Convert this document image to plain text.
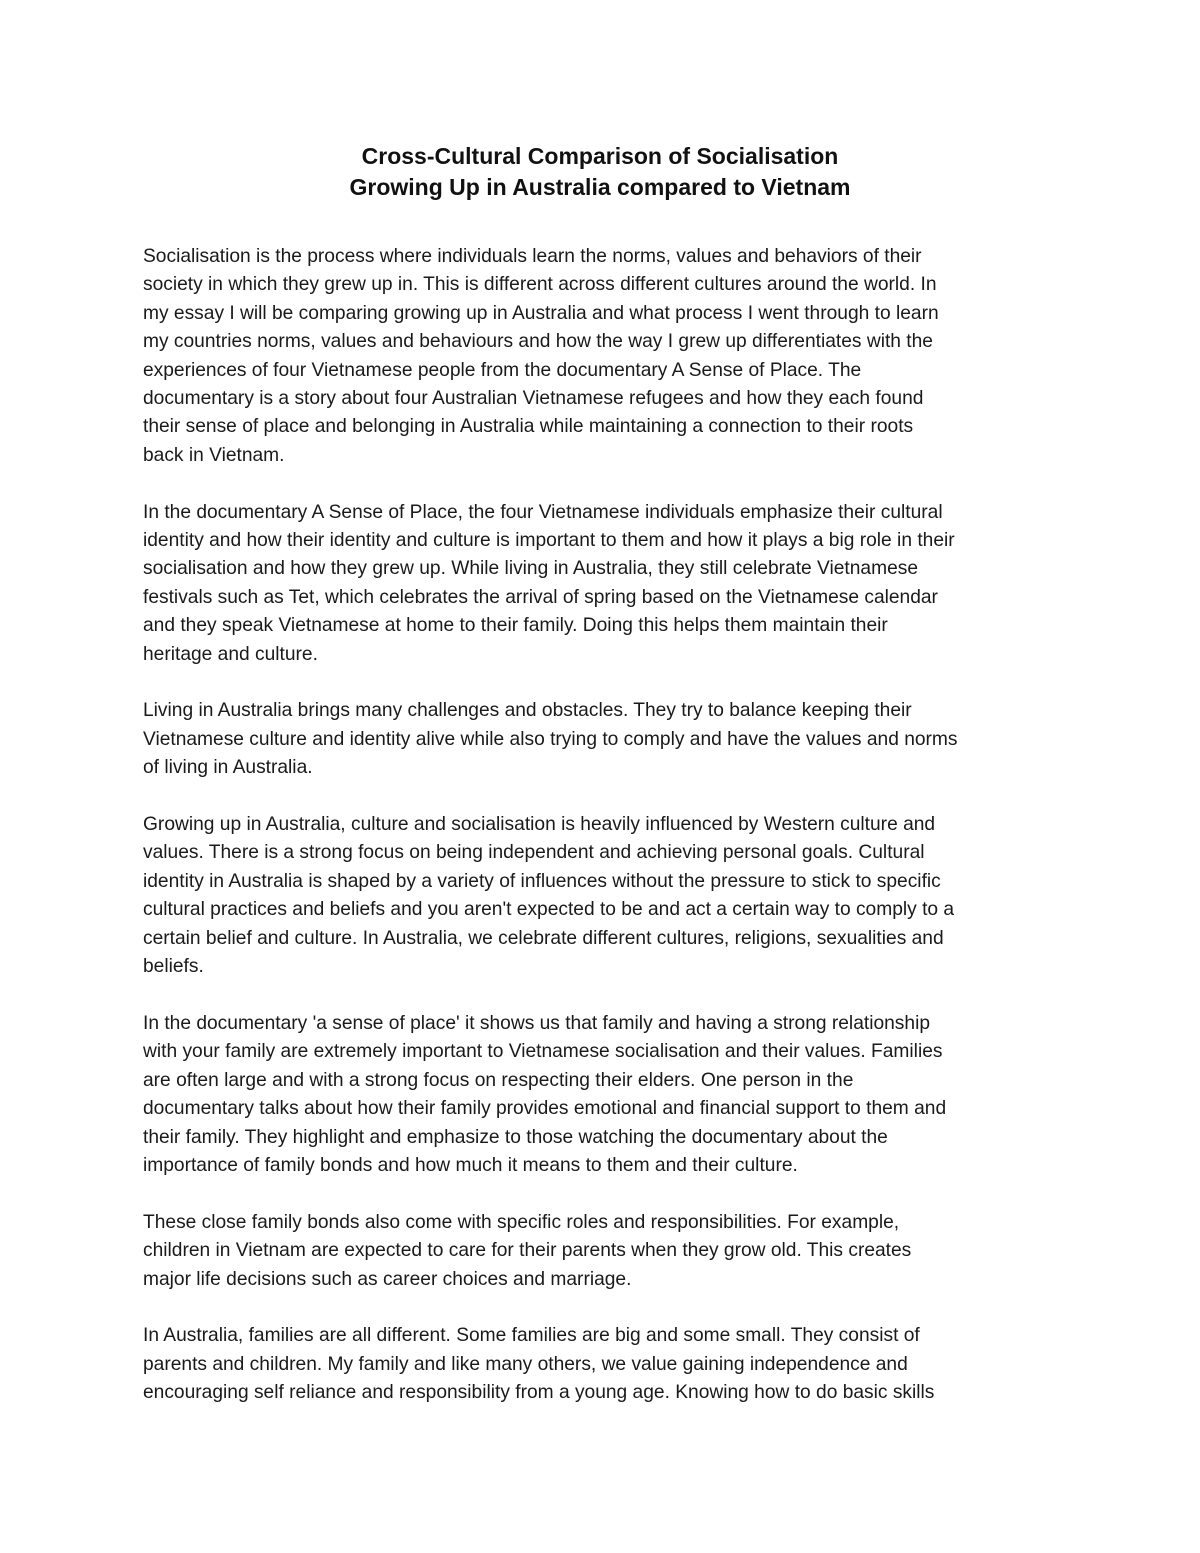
Cross-Cultural Comparison of Socialisation

Growing Up in Australia compared to Vietnam

Socialisation is the process where individuals learn the norms, values and behaviors of their
society in which they grew up in. This is different across different cultures around the world. In
my essay I will be comparing growing up in Australia and what process I went through to learn
my countries norms, values and behaviours and how the way I grew up differentiates with the
experiences of four Vietnamese people from the documentary A Sense of Place. The
documentary is a story about four Australian Vietnamese refugees and how they each found
their sense of place and belonging in Australia while maintaining a connection to their roots
back in Vietnam.

In the documentary A Sense of Place, the four Vietnamese individuals emphasize their cultural
identity and how their identity and culture is important to them and how it plays a big role in their
socialisation and how they grew up. While living in Australia, they still celebrate Vietnamese
festivals such as Tet, which celebrates the arrival of spring based on the Vietnamese calendar
and they speak Vietnamese at home to their family. Doing this helps them maintain their
heritage and culture.

Living in Australia brings many challenges and obstacles. They try to balance keeping their
Vietnamese culture and identity alive while also trying to comply and have the values and norms
of living in Australia.

Growing up in Australia, culture and socialisation is heavily influenced by Western culture and
values. There is a strong focus on being independent and achieving personal goals. Cultural
identity in Australia is shaped by a variety of influences without the pressure to stick to specific
cultural practices and beliefs and you aren't expected to be and act a certain way to comply to a
certain belief and culture. In Australia, we celebrate different cultures, religions, sexualities and
beliefs.

In the documentary 'a sense of place' it shows us that family and having a strong relationship
with your family are extremely important to Vietnamese socialisation and their values. Families
are often large and with a strong focus on respecting their elders. One person in the
documentary talks about how their family provides emotional and financial support to them and
their family. They highlight and emphasize to those watching the documentary about the
importance of family bonds and how much it means to them and their culture.

These close family bonds also come with specific roles and responsibilities. For example,
children in Vietnam are expected to care for their parents when they grow old. This creates
major life decisions such as career choices and marriage.

In Australia, families are all different. Some families are big and some small. They consist of
parents and children. My family and like many others, we value gaining independence and
encouraging self reliance and responsibility from a young age. Knowing how to do basic skills
